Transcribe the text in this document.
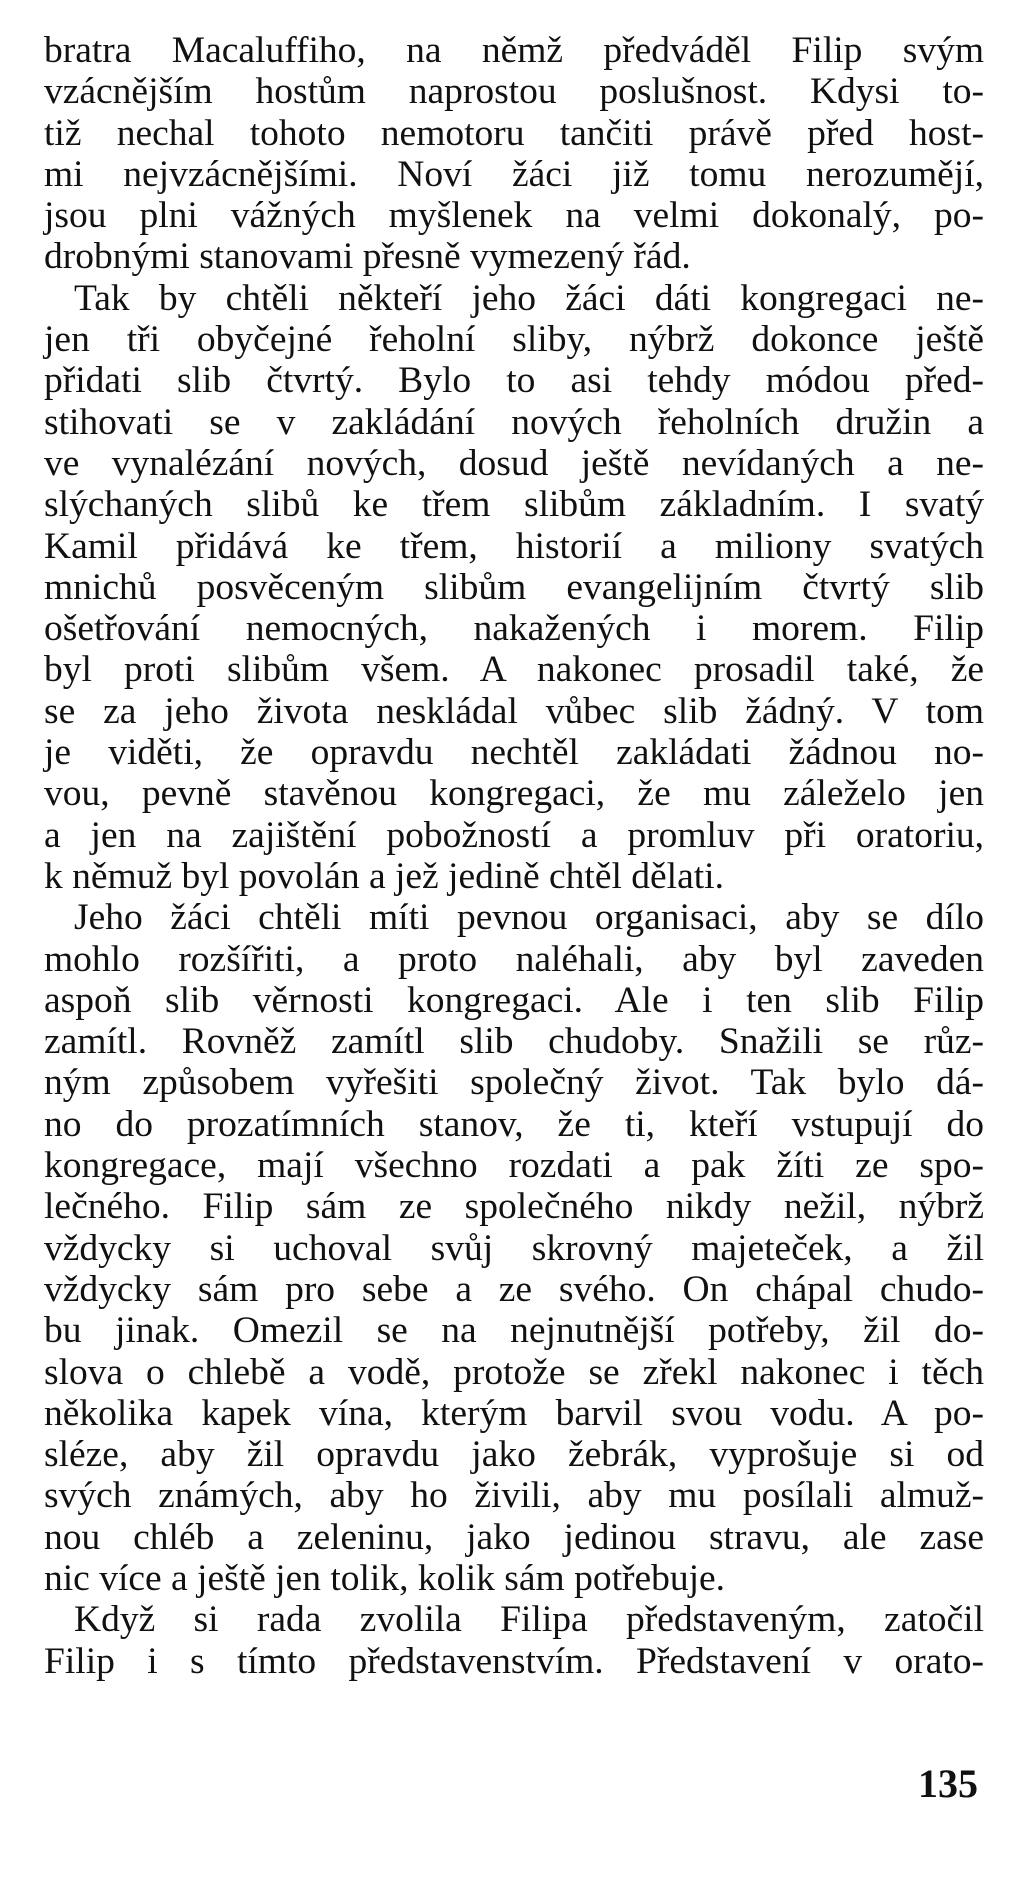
bratra Macaluffiho, na němž předváděl Filip svým
vzácnějším hostům naprostou poslušnost. Kdysi to-
tiž nechal tohoto nemotoru tančiti právě před host-
mi nejvzácnějšími. Noví žáci již tomu nerozumějí,
jsou plni vážných myšlenek na velmi dokonalý, po-
drobnými stanovami přesně vymezený řád.
Tak by chtěli někteří jeho žáci dáti kongregaci ne-
jen tři obyčejné řeholní sliby, nýbrž dokonce ještě
přidati slib čtvrtý. Bylo to asi tehdy módou před-
stihovati se v zakládání nových řeholních družin a
ve vynalézání nových, dosud ještě nevídaných a ne-
slýchaných slibů ke třem slibům základním. I svatý
Kamil přidává ke třem, historií a miliony svatých
mnichů posvěceným slibům evangelijním čtvrtý slib
ošetřování nemocných, nakažených i morem. Filip
byl proti slibům všem. A nakonec prosadil také, že
se za jeho života neskládal vůbec slib žádný. V tom
je viděti, že opravdu nechtěl zakládati žádnou no-
vou, pevně stavěnou kongregaci, že mu záleželo jen
a jen na zajištění pobožností a promluv při oratoriu,
k němuž byl povolán a jež jedině chtěl dělati.
Jeho žáci chtěli míti pevnou organisaci, aby se dílo
mohlo rozšířiti, a proto naléhali, aby byl zaveden
aspoň slib věrnosti kongregaci. Ale i ten slib Filip
zamítl. Rovněž zamítl slib chudoby. Snažili se růz-
ným způsobem vyřešiti společný život. Tak bylo dá-
no do prozatímních stanov, že ti, kteří vstupují do
kongregace, mají všechno rozdati a pak žíti ze spo-
lečného. Filip sám ze společného nikdy nežil, nýbrž
vždycky si uchoval svůj skrovný majeteček, a žil
vždycky sám pro sebe a ze svého. On chápal chudo-
bu jinak. Omezil se na nejnutnější potřeby, žil do-
slova o chlebě a vodě, protože se zřekl nakonec i těch
několika kapek vína, kterým barvil svou vodu. A po-
sléze, aby žil opravdu jako žebrák, vyprošuje si od
svých známých, aby ho živili, aby mu posílali almuž-
nou chléb a zeleninu, jako jedinou stravu, ale zase
nic více a ještě jen tolik, kolik sám potřebuje.
Když si rada zvolila Filipa představeným, zatočil
Filip i s tímto představenstvím. Představení v orato-
135
